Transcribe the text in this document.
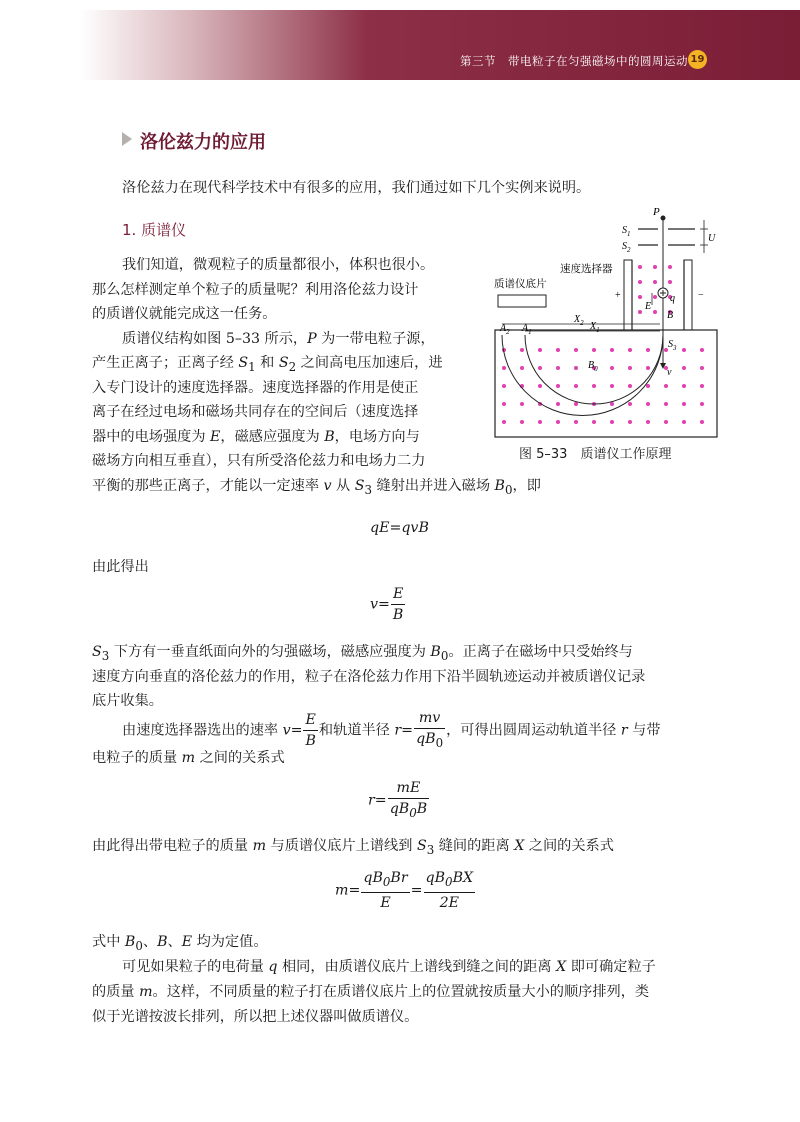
第三节　带电粒子在匀强磁场中的圆周运动 19
洛伦兹力的应用

洛伦兹力在现代科学技术中有很多的应用，我们通过如下几个实例来说明。

1. 质谱仪

我们知道，微观粒子的质量都很小，体积也很小。

那么怎样测定单个粒子的质量呢？利用洛伦兹力设计

的质谱仪就能完成这一任务。

质谱仪结构如图 5–33 所示，P 为一带电粒子源，

产生正离子；正离子经 $S_1$ 和 $S_2$ 之间高电压加速后，进

入专门设计的速度选择器。速度选择器的作用是使正

离子在经过电场和磁场共同存在的空间后（速度选择

器中的电场强度为 E，磁感应强度为 B，电场方向与

磁场方向相互垂直），只有所受洛伦兹力和电场力二力

平衡的那些正离子，才能以一定速率 v 从 $S_3$ 缝射出并进入磁场 $B_0$，即

qE=qvB

由此得出

$v= \frac{E}{B}$

$S_3$ 下方有一垂直纸面向外的匀强磁场，磁感应强度为 $B_0$。正离子在磁场中只受始终与

速度方向垂直的洛伦兹力的作用，粒子在洛伦兹力作用下沿半圆轨迹运动并被质谱仪记录

底片收集。

由速度选择器选出的速率 $v= \frac{E}{B}$ 和轨道半径 $r= \frac{mv}{qB_0}$ ，可得出圆周运动轨道半径 r 与带

电粒子的质量 m 之间的关系式

$r= \frac{mE}{qB_0B}$

由此得出带电粒子的质量 m 与质谱仪底片上谱线到 $S_3$ 缝间的距离 X 之间的关系式

$m= \frac{qB_0Br}{E} = \frac{qB_0BX}{2E}$

式中 $B_0$、B、E 均为定值。

可见如果粒子的电荷量 q 相同，由质谱仪底片上谱线到缝之间的距离 X 即可确定粒子

的质量 m。这样，不同质量的粒子打在质谱仪底片上的位置就按质量大小的顺序排列，类

似于光谱按波长排列，所以把上述仪器叫做质谱仪。

P
$S_1$
$S_2$
U
速度选择器
质谱仪底片
+	−
q
E
B
$X_2$ $X_1$
$A_2$ $A_1$
$S_3$
$B_0$	v
图 5–33　质谱仪工作原理
